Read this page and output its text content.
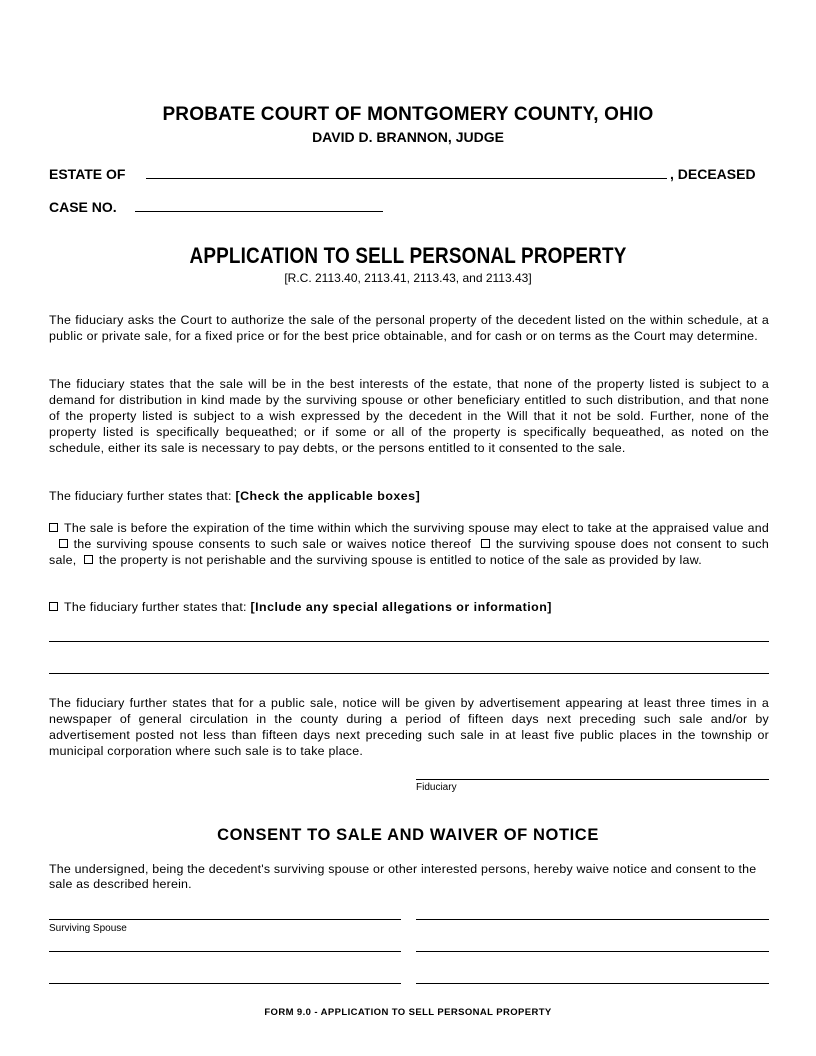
PROBATE COURT OF MONTGOMERY COUNTY, OHIO
DAVID D. BRANNON, JUDGE
ESTATE OF	, DECEASED
CASE NO.
APPLICATION TO SELL PERSONAL PROPERTY
[R.C. 2113.40, 2113.41, 2113.43, and 2113.43]
The fiduciary asks the Court to authorize the sale of the personal property of the decedent listed on the within schedule, at a public or private sale, for a fixed price or for the best price obtainable, and for cash or on terms as the Court may determine.
The fiduciary states that the sale will be in the best interests of the estate, that none of the property listed is subject to a demand for distribution in kind made by the surviving spouse or other beneficiary entitled to such distribution, and that none of the property listed is subject to a wish expressed by the decedent in the Will that it not be sold. Further, none of the property listed is specifically bequeathed; or if some or all of the property is specifically bequeathed, as noted on the schedule, either its sale is necessary to pay debts, or the persons entitled to it consented to the sale.
The fiduciary further states that: [Check the applicable boxes]
The sale is before the expiration of the time within which the surviving spouse may elect to take at the appraised value and   the surviving spouse consents to such sale or waives notice thereof the surviving spouse does not consent to such sale, the property is not perishable and the surviving spouse is entitled to notice of the sale as provided by law.
The fiduciary further states that: [Include any special allegations or information]
The fiduciary further states that for a public sale, notice will be given by advertisement appearing at least three times in a newspaper of general circulation in the county during a period of fifteen days next preceding such sale and/or by advertisement posted not less than fifteen days next preceding such sale in at least five public places in the township or municipal corporation where such sale is to take place.
Fiduciary
CONSENT TO SALE AND WAIVER OF NOTICE
The undersigned, being the decedent's surviving spouse or other interested persons, hereby waive notice and consent to the sale as described herein.
Surviving Spouse
FORM 9.0 - APPLICATION TO SELL PERSONAL PROPERTY
